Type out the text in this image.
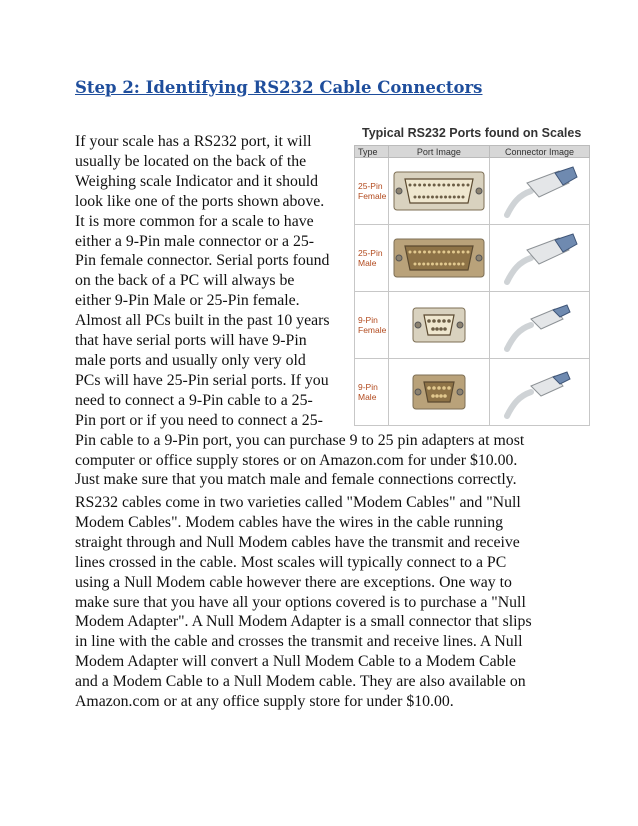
Step 2: Identifying RS232 Cable Connectors
If your scale has a RS232 port, it will
usually be located on the back of the
Weighing scale Indicator and it should
look like one of the ports shown above.
It is more common for a scale to have
either a 9-Pin male connector or a 25-
Pin female connector. Serial ports found
on the back of a PC will always be
either 9-Pin Male or 25-Pin female.
Almost all PCs built in the past 10 years
that have serial ports will have 9-Pin
male ports and usually only very old
PCs will have 25-Pin serial ports. If you
need to connect a 9-Pin cable to a 25-
Pin port or if you need to connect a 25-
Pin cable to a 9-Pin port, you can purchase 9 to 25 pin adapters at most
computer or office supply stores or on Amazon.com for under $10.00.
Just make sure that you match male and female connections correctly.
RS232 cables come in two varieties called "Modem Cables" and "Null
Modem Cables". Modem cables have the wires in the cable running
straight through and Null Modem cables have the transmit and receive
lines crossed in the cable. Most scales will typically connect to a PC
using a Null Modem cable however there are exceptions. One way to
make sure that you have all your options covered is to purchase a "Null
Modem Adapter". A Null Modem Adapter is a small connector that slips
in line with the cable and crosses the transmit and receive lines. A Null
Modem Adapter will convert a Null Modem Cable to a Modem Cable
and a Modem Cable to a Null Modem cable. They are also available on
Amazon.com or at any office supply store for under $10.00.
Typical RS232 Ports found on Scales
Type	Port Image	Connector Image

25-Pin
Female

25-Pin
Male

9-Pin
Female

9-Pin
Male
